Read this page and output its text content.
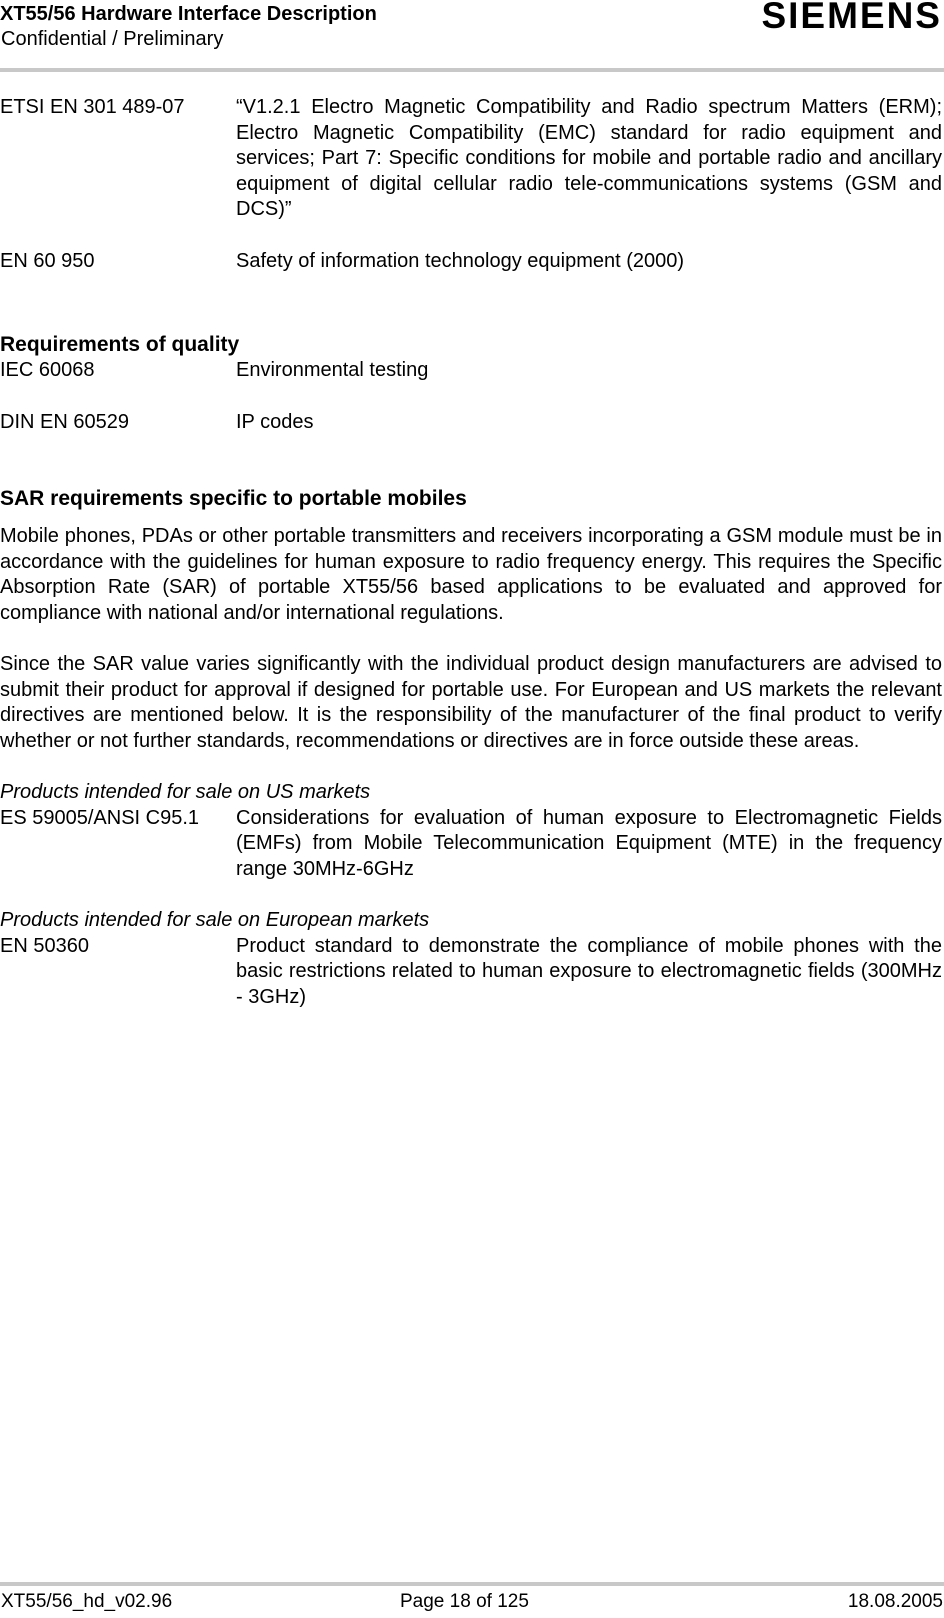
XT55/56 Hardware Interface Description
Confidential / Preliminary
SIEMENS
ETSI EN 301 489-07	“V1.2.1 Electro Magnetic Compatibility and Radio spectrum Matters (ERM); Electro Magnetic Compatibility (EMC) standard for radio equipment and services; Part 7: Specific conditions for mobile and portable radio and ancillary equipment of digital cellular radio tele-communications systems (GSM and DCS)”
EN 60 950	Safety of information technology equipment (2000)
Requirements of quality
IEC 60068	Environmental testing
DIN EN 60529	IP codes
SAR requirements specific to portable mobiles
Mobile phones, PDAs or other portable transmitters and receivers incorporating a GSM module must be in accordance with the guidelines for human exposure to radio frequency energy. This requires the Specific Absorption Rate (SAR) of portable XT55/56 based applications to be evaluated and approved for compliance with national and/or international regulations.
Since the SAR value varies significantly with the individual product design manufacturers are advised to submit their product for approval if designed for portable use. For European and US markets the relevant directives are mentioned below. It is the responsibility of the manufacturer of the final product to verify whether or not further standards, recommendations or directives are in force outside these areas.
Products intended for sale on US markets
ES 59005/ANSI C95.1	Considerations for evaluation of human exposure to Electromagnetic Fields (EMFs) from Mobile Telecommunication Equipment (MTE) in the frequency range 30MHz-6GHz
Products intended for sale on European markets
EN 50360	Product standard to demonstrate the compliance of mobile phones with the basic restrictions related to human exposure to electromagnetic fields (300MHz - 3GHz)
XT55/56_hd_v02.96	Page 18 of 125	18.08.2005
